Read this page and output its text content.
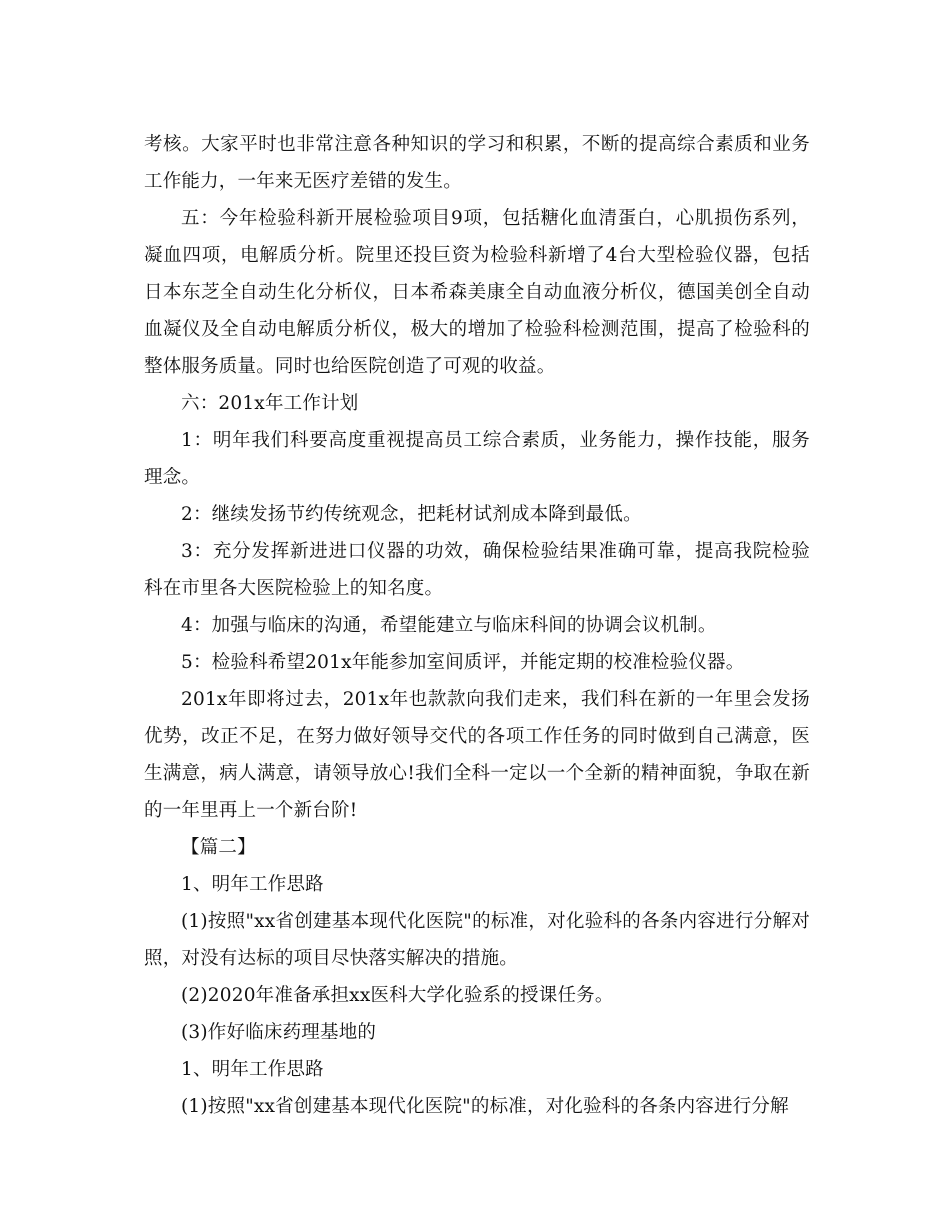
考核。大家平时也非常注意各种知识的学习和积累，不断的提高综合素质和业务工作能力，一年来无医疗差错的发生。

五：今年检验科新开展检验项目9项，包括糖化血清蛋白，心肌损伤系列，凝血四项，电解质分析。院里还投巨资为检验科新增了4台大型检验仪器，包括日本东芝全自动生化分析仪，日本希森美康全自动血液分析仪，德国美创全自动血凝仪及全自动电解质分析仪，极大的增加了检验科检测范围，提高了检验科的整体服务质量。同时也给医院创造了可观的收益。

六：201x年工作计划

1：明年我们科要高度重视提高员工综合素质，业务能力，操作技能，服务理念。

2：继续发扬节约传统观念，把耗材试剂成本降到最低。

3：充分发挥新进进口仪器的功效，确保检验结果准确可靠，提高我院检验科在市里各大医院检验上的知名度。

4：加强与临床的沟通，希望能建立与临床科间的协调会议机制。

5：检验科希望201x年能参加室间质评，并能定期的校准检验仪器。

201x年即将过去，201x年也款款向我们走来，我们科在新的一年里会发扬优势，改正不足，在努力做好领导交代的各项工作任务的同时做到自己满意，医生满意，病人满意，请领导放心!我们全科一定以一个全新的精神面貌，争取在新的一年里再上一个新台阶!

【篇二】

1、明年工作思路

(1)按照"xx省创建基本现代化医院"的标准，对化验科的各条内容进行分解对照，对没有达标的项目尽快落实解决的措施。

(2)2020年准备承担xx医科大学化验系的授课任务。

(3)作好临床药理基地的

1、明年工作思路

(1)按照"xx省创建基本现代化医院"的标准，对化验科的各条内容进行分解
